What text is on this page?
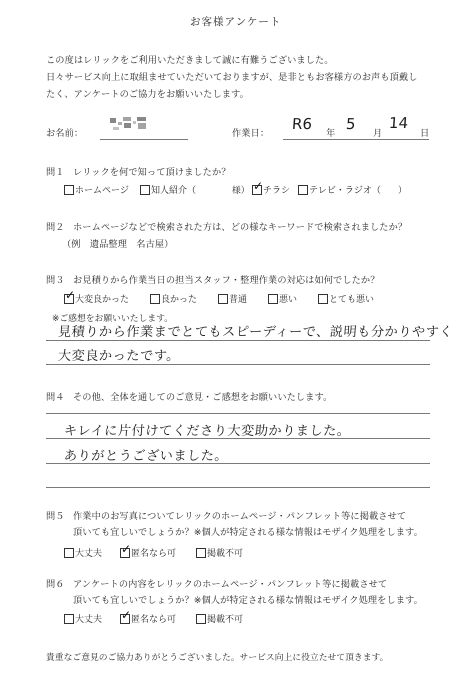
お客様アンケート
この度はレリックをご利用いただきまして誠に有難うございました。
日々サービス向上に取組ませていただいておりますが、是非ともお客様方のお声も頂戴し
たく、アンケートのご協力をお願いいたします。
お名前：	作業日：
R6
年
5
月
14
日
問１ レリックを何で知って頂けましたか？
ホームページ 知人紹介（	様） ✓ チラシ テレビ・ラジオ（ ）
問２ ホームページなどで検索された方は、どの様なキーワードで検索されましたか？
（例　遺品整理　名古屋）
問３ お見積りから作業当日の担当スタッフ・整理作業の対応は如何でしたか？
✓ 大変良かった	良かった	普通	悪い	とても悪い
※ご感想をお願いいたします。
見積りから作業までとてもスピーディーで、説明も分かりやすく
大変良かったです。
問４ その他、全体を通してのご意見・ご感想をお願いいたします。
キレイに片付けてくださり大変助かりました。
ありがとうございました。
問５ 作業中のお写真についてレリックのホームページ・パンフレット等に掲載させて
頂いても宜しいでしょうか？※個人が特定される様な情報はモザイク処理をします。
大丈夫 ✓ 匿名なら可	掲載不可
問６ アンケートの内容をレリックのホームページ・パンフレット等に掲載させて
頂いても宜しいでしょうか？※個人が特定される様な情報はモザイク処理をします。
大丈夫 ✓ 匿名なら可	掲載不可
貴重なご意見のご協力ありがとうございました。サービス向上に役立たせて頂きます。
